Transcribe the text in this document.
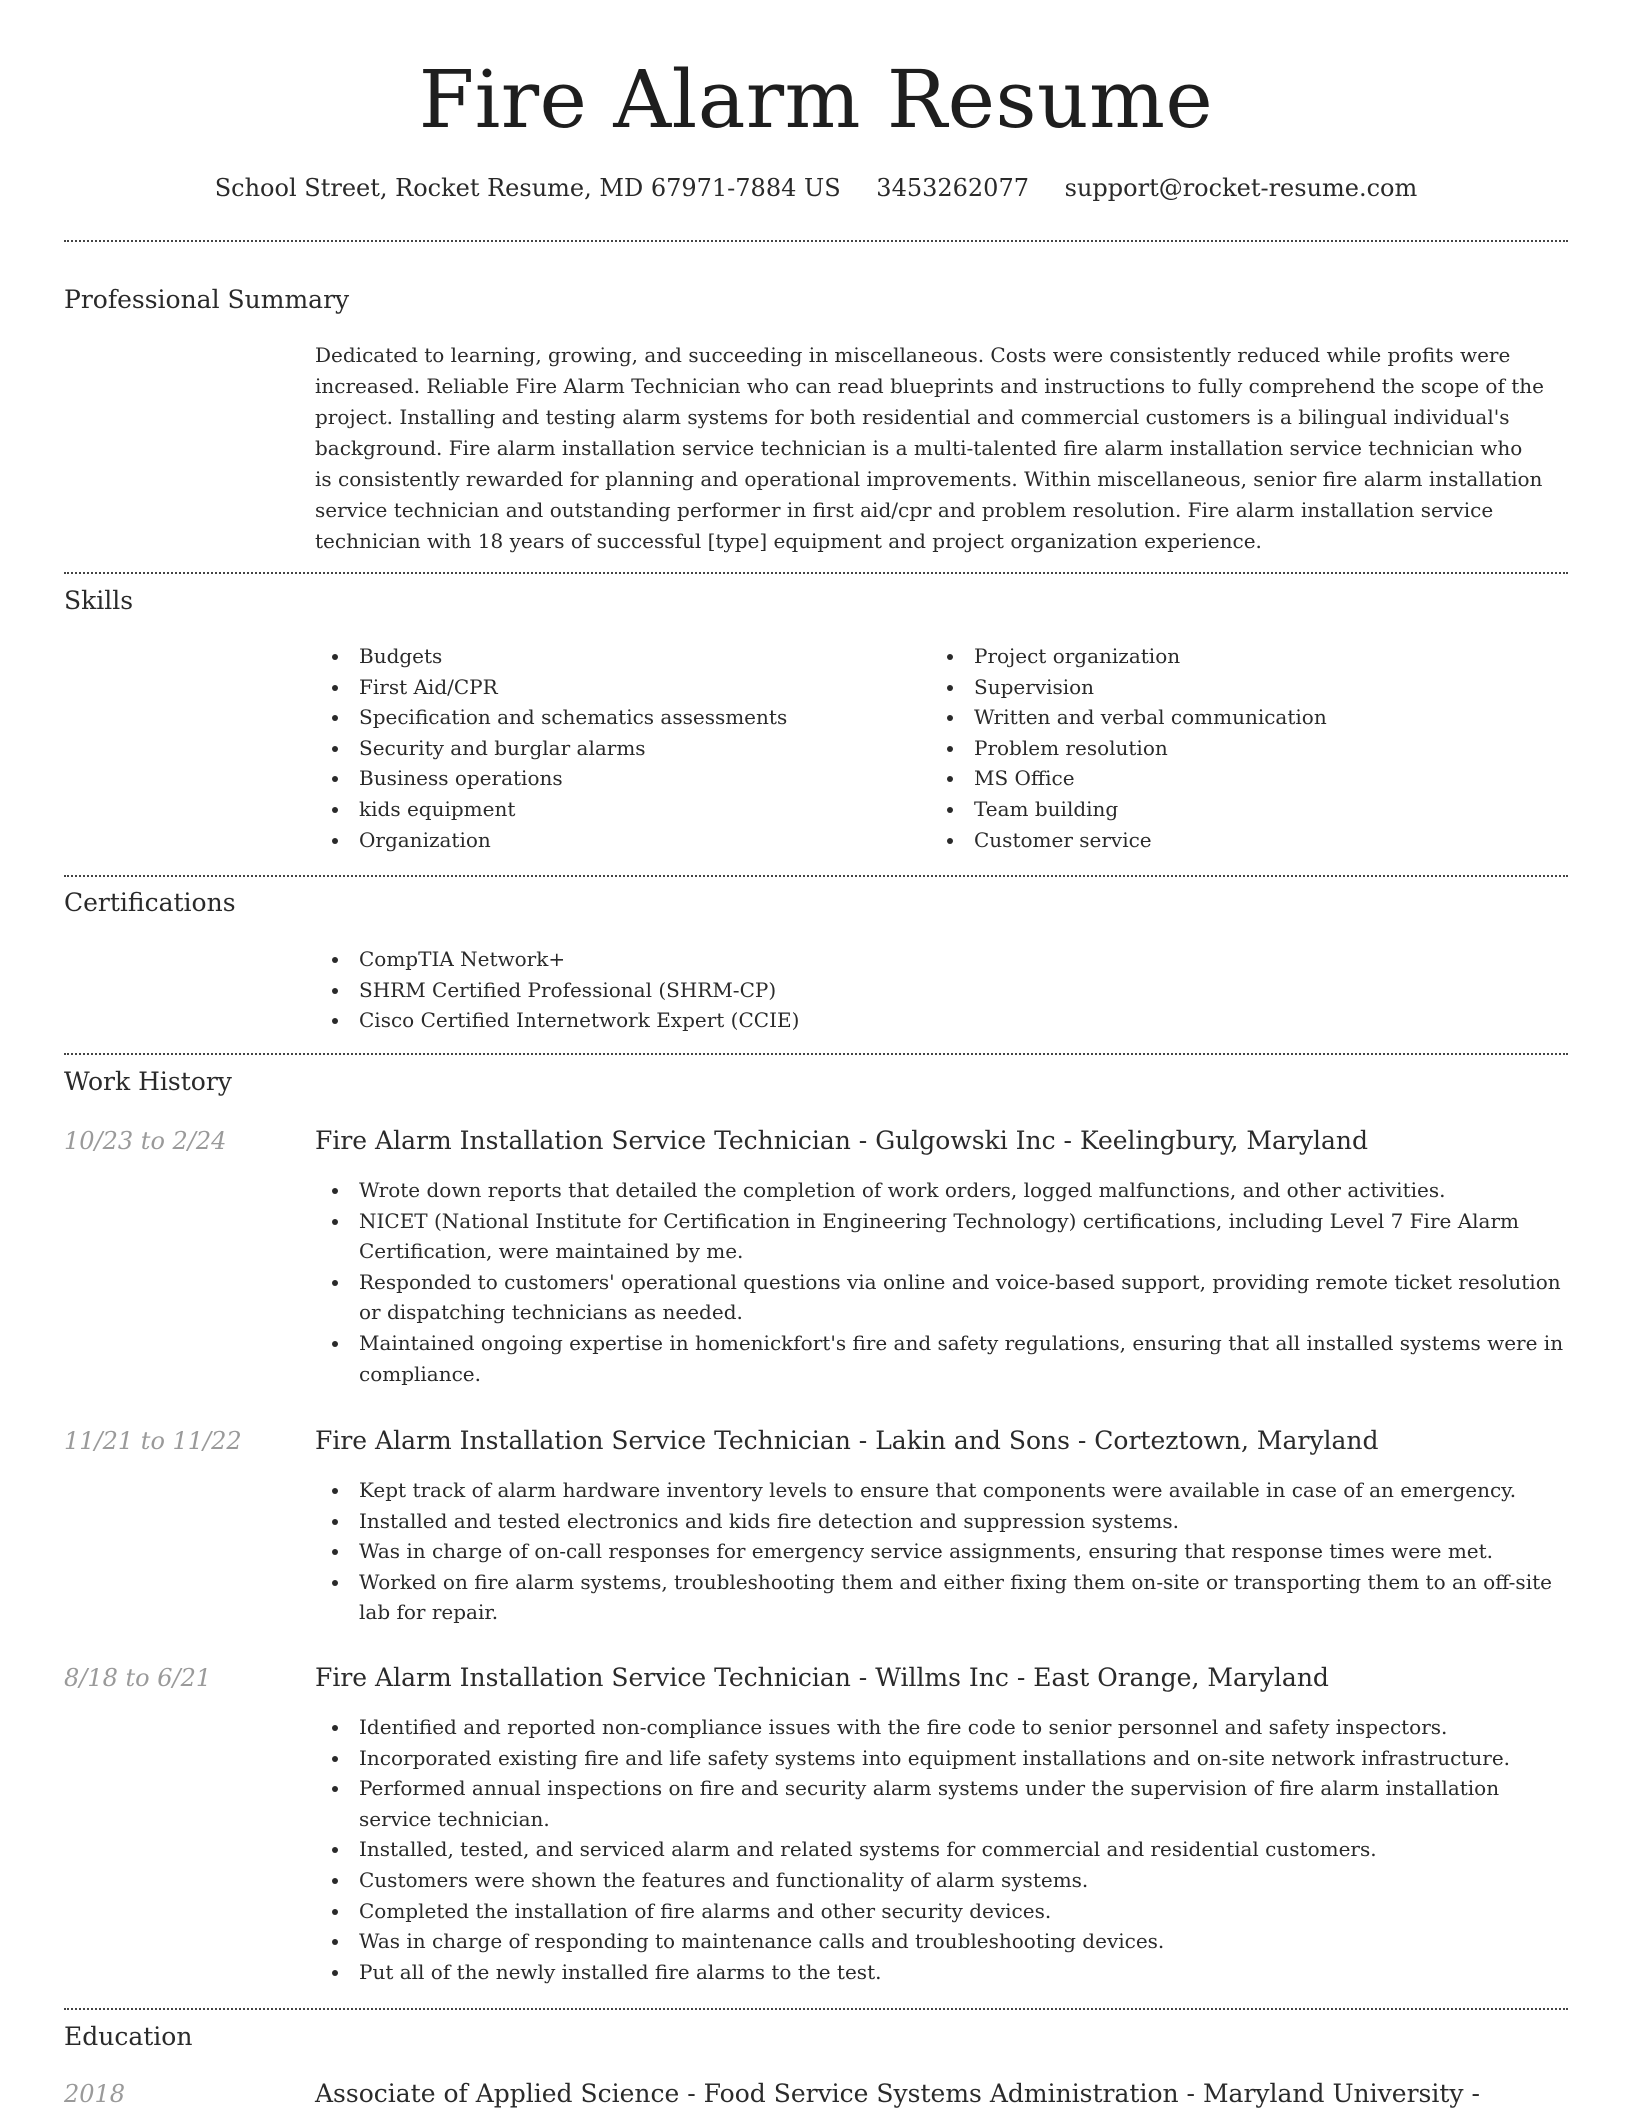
Fire Alarm Resume
School Street, Rocket Resume, MD 67971-7884 US 3453262077 support@rocket-resume.com
Professional Summary

Dedicated to learning, growing, and succeeding in miscellaneous. Costs were consistently reduced while profits were increased. Reliable Fire Alarm Technician who can read blueprints and instructions to fully comprehend the scope of the project. Installing and testing alarm systems for both residential and commercial customers is a bilingual individual's background. Fire alarm installation service technician is a multi-talented fire alarm installation service technician who is consistently rewarded for planning and operational improvements. Within miscellaneous, senior fire alarm installation service technician and outstanding performer in first aid/cpr and problem resolution. Fire alarm installation service technician with 18 years of successful [type] equipment and project organization experience.

Skills
Budgets
First Aid/CPR
Specification and schematics assessments
Security and burglar alarms
Business operations
kids equipment
Organization
Project organization
Supervision
Written and verbal communication
Problem resolution
MS Office
Team building
Customer service
Certifications
CompTIA Network+
SHRM Certified Professional (SHRM-CP)
Cisco Certified Internetwork Expert (CCIE)
Work History
10/23 to 2/24	Fire Alarm Installation Service Technician - Gulgowski Inc - Keelingbury, Maryland
Wrote down reports that detailed the completion of work orders, logged malfunctions, and other activities.
NICET (National Institute for Certification in Engineering Technology) certifications, including Level 7 Fire Alarm Certification, were maintained by me.
Responded to customers' operational questions via online and voice-based support, providing remote ticket resolution or dispatching technicians as needed.
Maintained ongoing expertise in homenickfort's fire and safety regulations, ensuring that all installed systems were in compliance.
11/21 to 11/22	Fire Alarm Installation Service Technician - Lakin and Sons - Corteztown, Maryland
Kept track of alarm hardware inventory levels to ensure that components were available in case of an emergency.
Installed and tested electronics and kids fire detection and suppression systems.
Was in charge of on-call responses for emergency service assignments, ensuring that response times were met.
Worked on fire alarm systems, troubleshooting them and either fixing them on-site or transporting them to an off-site lab for repair.
8/18 to 6/21	Fire Alarm Installation Service Technician - Willms Inc - East Orange, Maryland
Identified and reported non-compliance issues with the fire code to senior personnel and safety inspectors.
Incorporated existing fire and life safety systems into equipment installations and on-site network infrastructure.
Performed annual inspections on fire and security alarm systems under the supervision of fire alarm installation service technician.
Installed, tested, and serviced alarm and related systems for commercial and residential customers.
Customers were shown the features and functionality of alarm systems.
Completed the installation of fire alarms and other security devices.
Was in charge of responding to maintenance calls and troubleshooting devices.
Put all of the newly installed fire alarms to the test.
Education
2018	Associate of Applied Science - Food Service Systems Administration - Maryland University -
